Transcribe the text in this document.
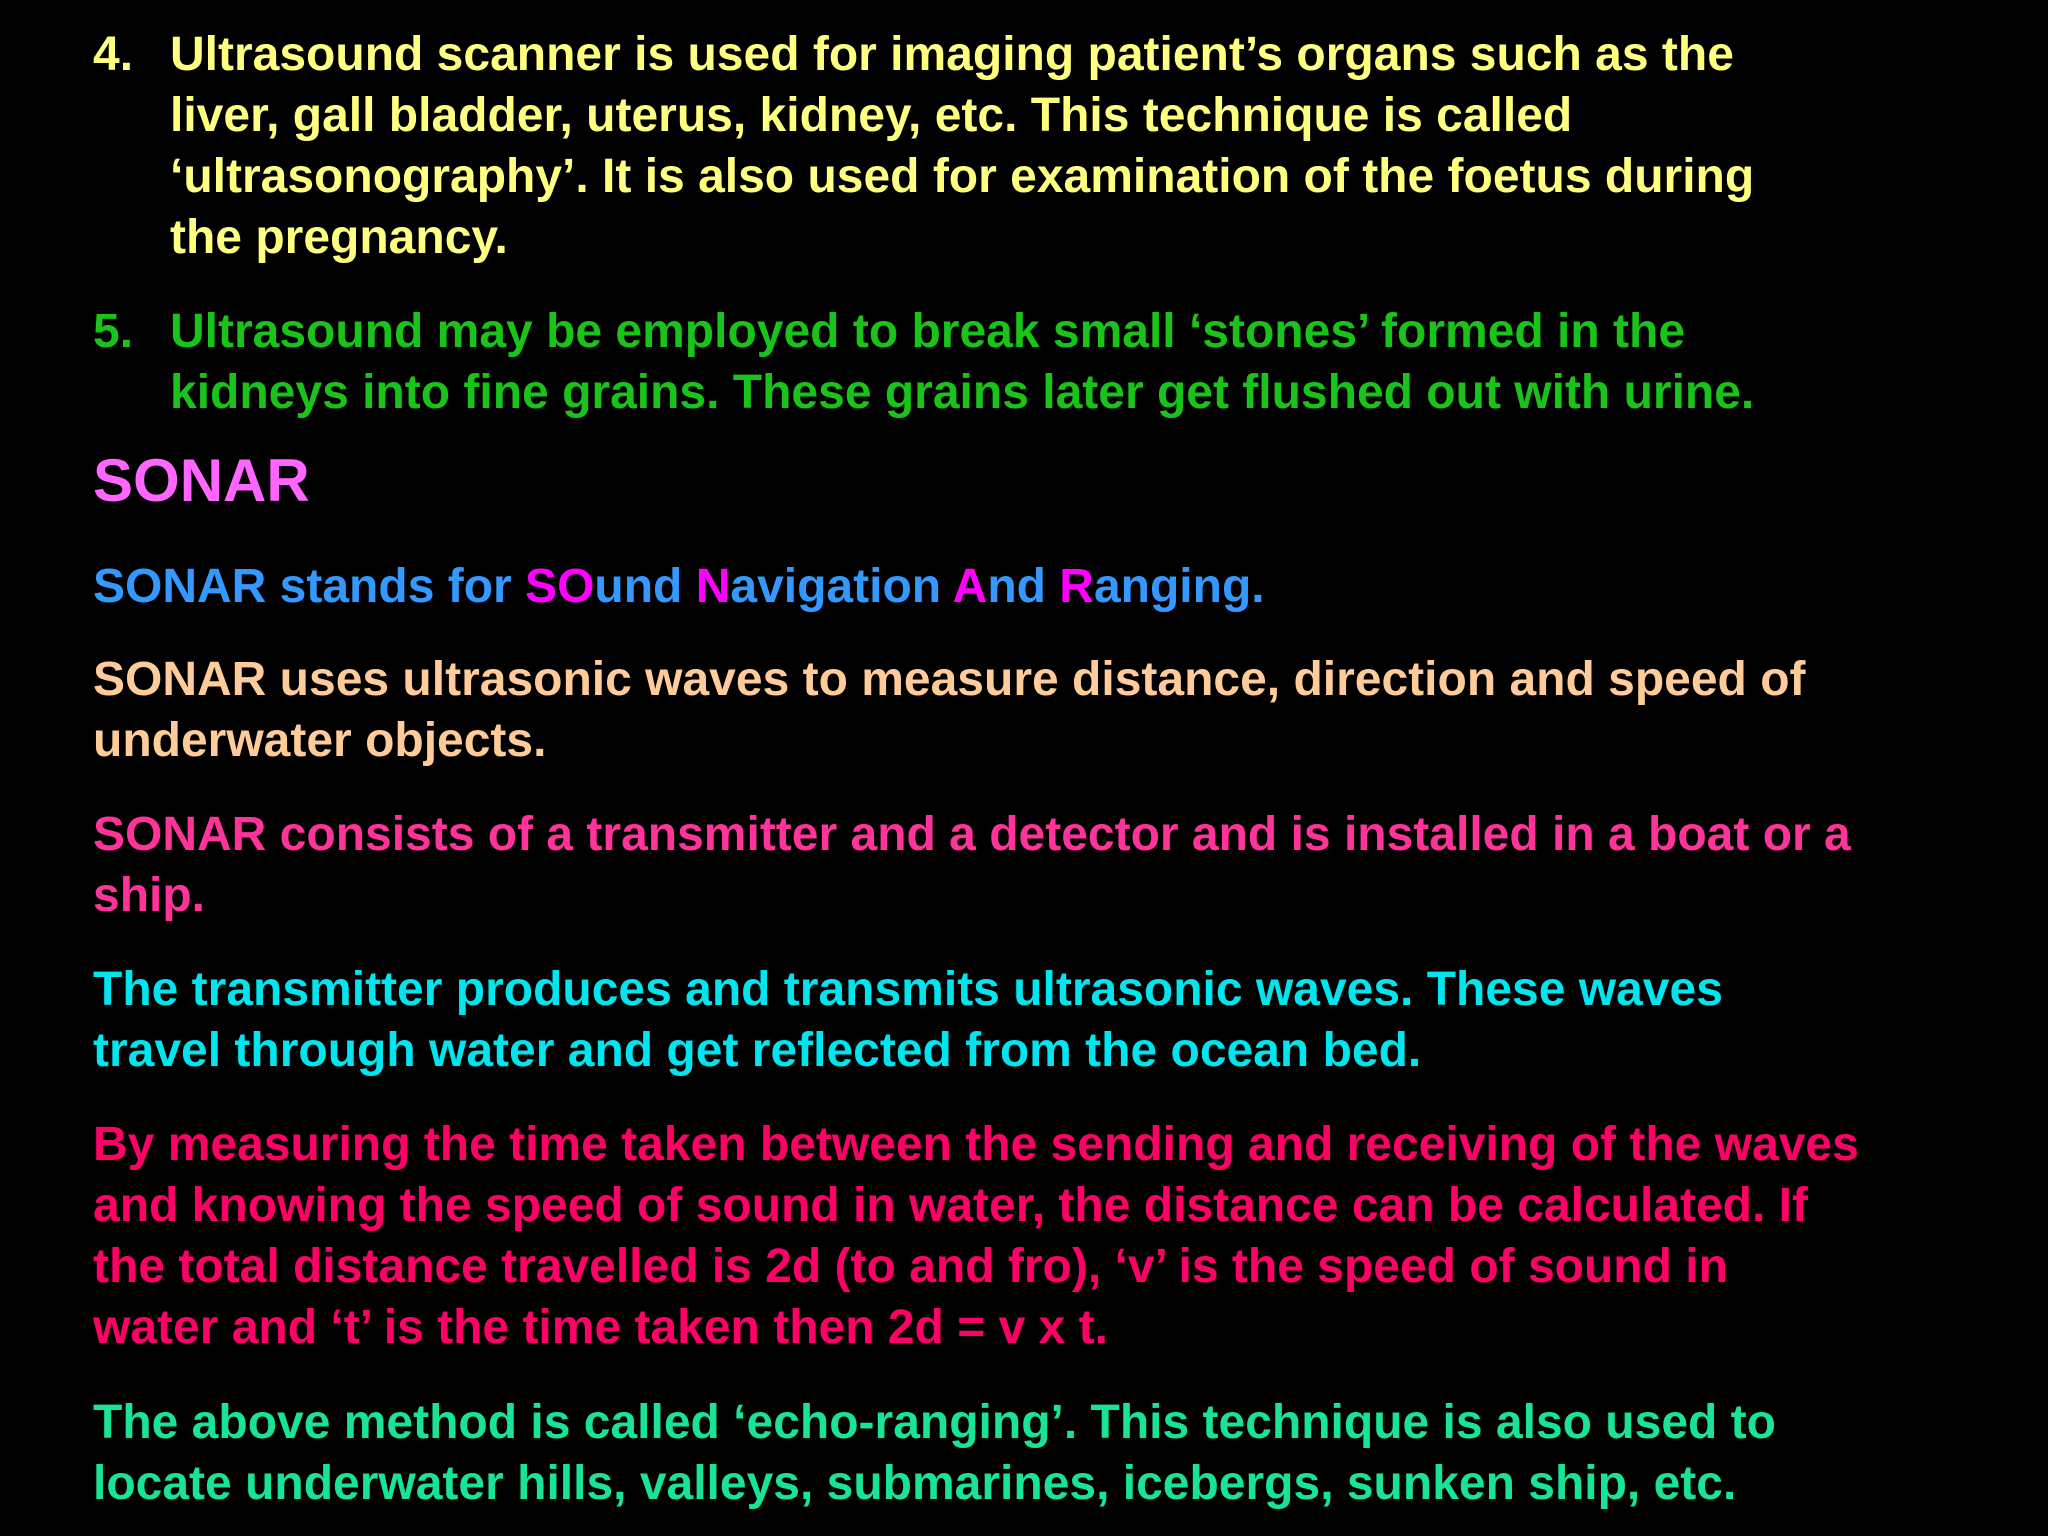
4. Ultrasound scanner is used for imaging patient’s organs such as the
liver, gall bladder, uterus, kidney, etc. This technique is called
‘ultrasonography’. It is also used for examination of the foetus during
the pregnancy.
5. Ultrasound may be employed to break small ‘stones’ formed in the
kidneys into fine grains. These grains later get flushed out with urine.
SONAR
SONAR stands for SOund Navigation And Ranging.
SONAR uses ultrasonic waves to measure distance, direction and speed of
underwater objects.
SONAR consists of a transmitter and a detector and is installed in a boat or a
ship.
The transmitter produces and transmits ultrasonic waves. These waves
travel through water and get reflected from the ocean bed.
By measuring the time taken between the sending and receiving of the waves
and knowing the speed of sound in water, the distance can be calculated. If
the total distance travelled is 2d (to and fro), ‘v’ is the speed of sound in
water and ‘t’ is the time taken then 2d = v x t.
The above method is called ‘echo-ranging’. This technique is also used to
locate underwater hills, valleys, submarines, icebergs, sunken ship, etc.
